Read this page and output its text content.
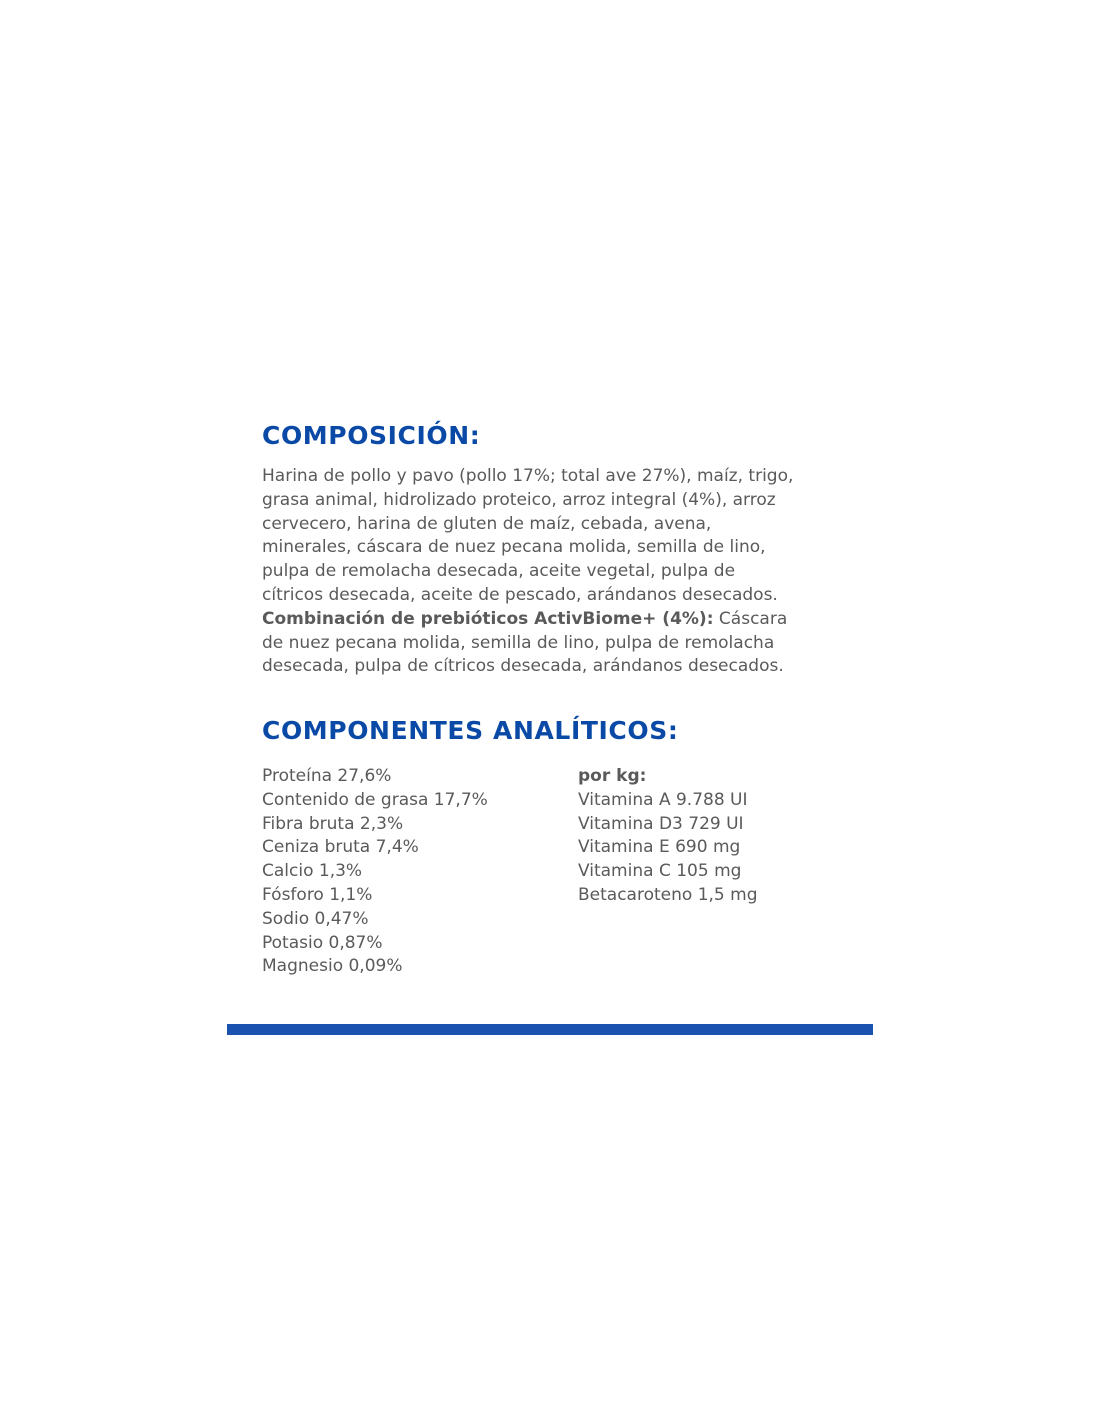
COMPOSICIÓN:

Harina de pollo y pavo (pollo 17%; total ave 27%), maíz, trigo,
grasa animal, hidrolizado proteico, arroz integral (4%), arroz
cervecero, harina de gluten de maíz, cebada, avena,
minerales, cáscara de nuez pecana molida, semilla de lino,
pulpa de remolacha desecada, aceite vegetal, pulpa de
cítricos desecada, aceite de pescado, arándanos desecados.
Combinación de prebióticos ActivBiome+ (4%): Cáscara
de nuez pecana molida, semilla de lino, pulpa de remolacha
desecada, pulpa de cítricos desecada, arándanos desecados.

COMPONENTES ANALÍTICOS:
Proteína 27,6%
Contenido de grasa 17,7%
Fibra bruta 2,3%
Ceniza bruta 7,4%
Calcio 1,3%
Fósforo 1,1%
Sodio 0,47%
Potasio 0,87%
Magnesio 0,09%
por kg:
Vitamina A 9.788 UI
Vitamina D3 729 UI
Vitamina E 690 mg
Vitamina C 105 mg
Betacaroteno 1,5 mg
